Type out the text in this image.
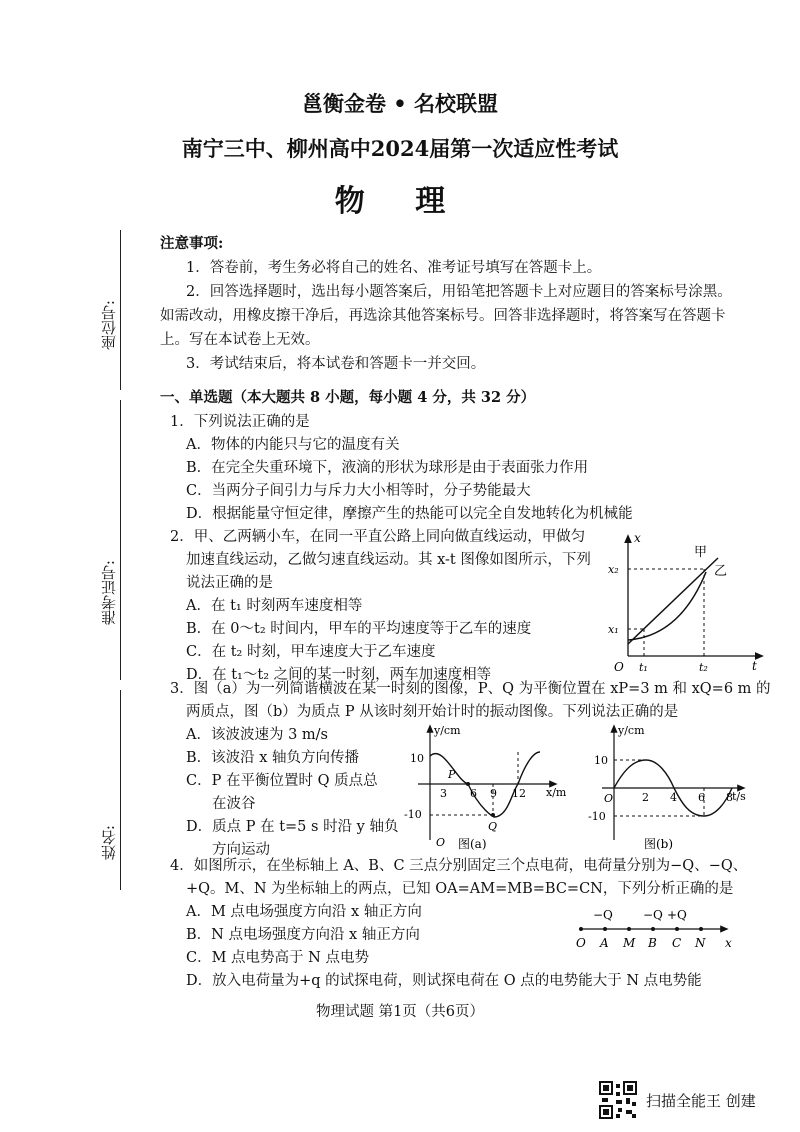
邕衡金卷 • 名校联盟
南宁三中、柳州高中2024届第一次适应性考试
物 理
座位号:
准考证号:
姓名:
注意事项:
1．答卷前，考生务必将自己的姓名、准考证号填写在答题卡上。
2．回答选择题时，选出每小题答案后，用铅笔把答题卡上对应题目的答案标号涂黑。
如需改动，用橡皮擦干净后，再选涂其他答案标号。回答非选择题时，将答案写在答题卡
上。写在本试卷上无效。
3．考试结束后，将本试卷和答题卡一并交回。
一、单选题（本大题共 8 小题，每小题 4 分，共 32 分）
1．下列说法正确的是
A．物体的内能只与它的温度有关
B．在完全失重环境下，液滴的形状为球形是由于表面张力作用
C．当两分子间引力与斥力大小相等时，分子势能最大
D．根据能量守恒定律，摩擦产生的热能可以完全自发地转化为机械能
2．甲、乙两辆小车，在同一平直公路上同向做直线运动，甲做匀
加速直线运动，乙做匀速直线运动。其 x-t 图像如图所示，下列
说法正确的是
A．在 t₁ 时刻两车速度相等
B．在 0～t₂ 时间内，甲车的平均速度等于乙车的速度
C．在 t₂ 时刻，甲车速度大于乙车速度
D．在 t₁～t₂ 之间的某一时刻，两车加速度相等
x
t
O t₁	t₂
x₁
x₂
甲
乙
3．图（a）为一列简谐横波在某一时刻的图像，P、Q 为平衡位置在 xP=3 m 和 xQ=6 m 的
两质点，图（b）为质点 P 从该时刻开始计时的振动图像。下列说法正确的是
A．该波波速为 3 m/s
B．该波沿 x 轴负方向传播
C．P 在平衡位置时 Q 质点总
在波谷
D．质点 P 在 t=5 s 时沿 y 轴负
方向运动
y/cm
x/m
10
-10
3 6 9 12
P
Q
O 图(a)
y/cm
t/s
10
-10
2 4 6 8
O
图(b)
4．如图所示，在坐标轴上 A、B、C 三点分别固定三个点电荷，电荷量分别为−Q、−Q、
+Q。M、N 为坐标轴上的两点，已知 OA=AM=MB=BC=CN，下列分析正确的是
A．M 点电场强度方向沿 x 轴正方向
B．N 点电场强度方向沿 x 轴正方向
C．M 点电势高于 N 点电势
D．放入电荷量为+q 的试探电荷，则试探电荷在 O 点的电势能大于 N 点电势能
−Q	−Q +Q
O A M B C N x
物理试题 第1页（共6页）
扫描全能王 创建
